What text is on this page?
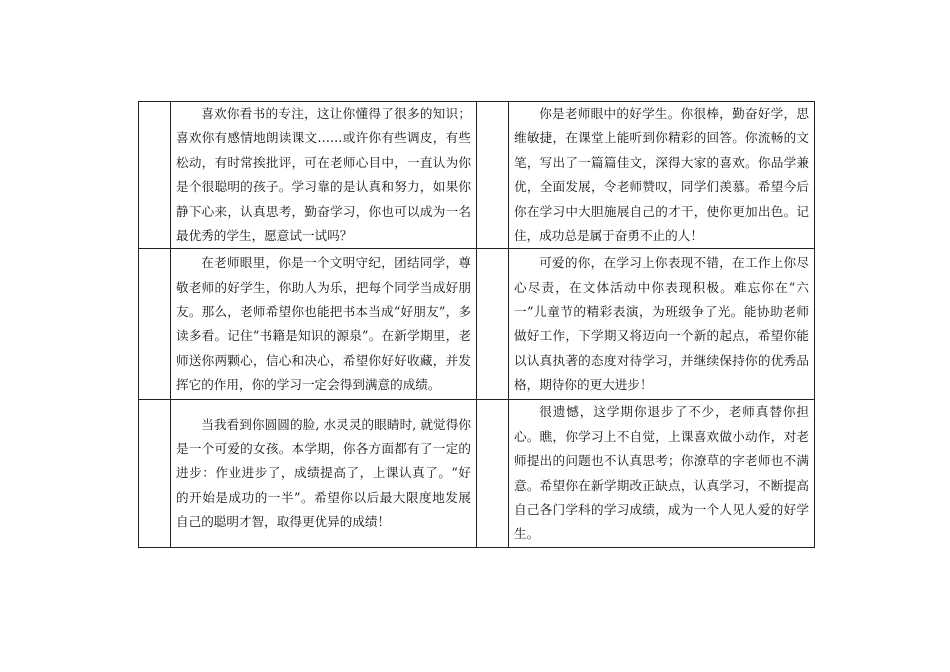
	喜欢你看书的专注，这让你懂得了很多的知识；喜欢你有感情地朗读课文……或许你有些调皮，有些松动，有时常挨批评，可在老师心目中，一直认为你是个很聪明的孩子。学习靠的是认真和努力，如果你静下心来，认真思考，勤奋学习，你也可以成为一名最优秀的学生，愿意试一试吗？		你是老师眼中的好学生。你很棒，勤奋好学，思维敏捷，在课堂上能听到你精彩的回答。你流畅的文笔，写出了一篇篇佳文，深得大家的喜欢。你品学兼优，全面发展，令老师赞叹，同学们羡慕。希望今后你在学习中大胆施展自己的才干，使你更加出色。记住，成功总是属于奋勇不止的人！

	在老师眼里，你是一个文明守纪，团结同学，尊敬老师的好学生，你助人为乐，把每个同学当成好朋友。那么，老师希望你也能把书本当成“好朋友”，多读多看。记住“书籍是知识的源泉”。在新学期里，老师送你两颗心，信心和决心，希望你好好收藏，并发挥它的作用，你的学习一定会得到满意的成绩。		可爱的你，在学习上你表现不错，在工作上你尽心尽责，在文体活动中你表现积极。难忘你在“六一”儿童节的精彩表演，为班级争了光。能协助老师做好工作，下学期又将迈向一个新的起点，希望你能以认真执著的态度对待学习，并继续保持你的优秀品格，期待你的更大进步！

	当我看到你圆圆的脸, 水灵灵的眼睛时, 就觉得你是一个可爱的女孩。本学期，你各方面都有了一定的进步：作业进步了，成绩提高了，上课认真了。“好的开始是成功的一半”。希望你以后最大限度地发展自己的聪明才智，取得更优异的成绩！		很遗憾，这学期你退步了不少，老师真替你担心。瞧，你学习上不自觉，上课喜欢做小动作，对老师提出的问题也不认真思考；你潦草的字老师也不满意。希望你在新学期改正缺点，认真学习，不断提高自己各门学科的学习成绩，成为一个人见人爱的好学生。
